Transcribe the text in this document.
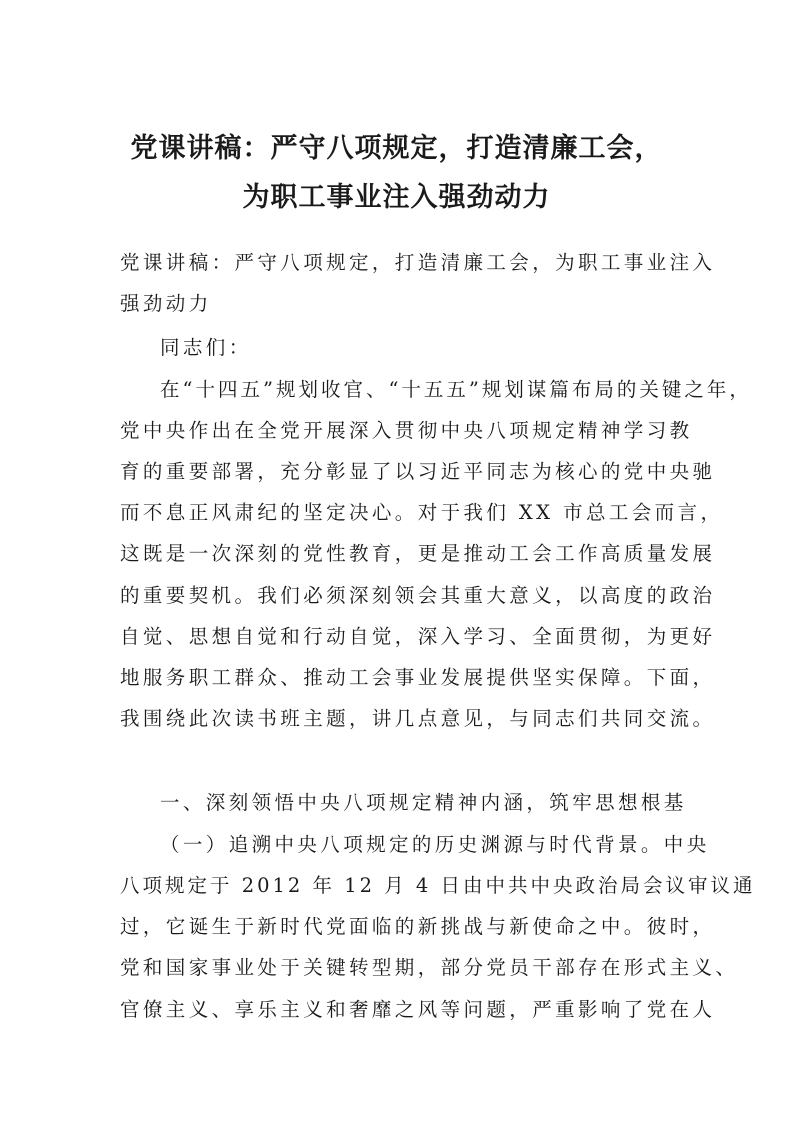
党课讲稿：严守八项规定，打造清廉工会，
为职工事业注入强劲动力
党课讲稿：严守八项规定，打造清廉工会，为职工事业注入
强劲动力
同志们：
在“十四五”规划收官、“十五五”规划谋篇布局的关键之年，
党中央作出在全党开展深入贯彻中央八项规定精神学习教
育的重要部署，充分彰显了以习近平同志为核心的党中央驰
而不息正风肃纪的坚定决心。对于我们 XX 市总工会而言，
这既是一次深刻的党性教育，更是推动工会工作高质量发展
的重要契机。我们必须深刻领会其重大意义，以高度的政治
自觉、思想自觉和行动自觉，深入学习、全面贯彻，为更好
地服务职工群众、推动工会事业发展提供坚实保障。下面，
我围绕此次读书班主题，讲几点意见，与同志们共同交流。
一、深刻领悟中央八项规定精神内涵，筑牢思想根基
（一）追溯中央八项规定的历史渊源与时代背景。中央
八项规定于 2012 年 12 月 4 日由中共中央政治局会议审议通
过，它诞生于新时代党面临的新挑战与新使命之中。彼时，
党和国家事业处于关键转型期，部分党员干部存在形式主义、
官僚主义、享乐主义和奢靡之风等问题，严重影响了党在人
